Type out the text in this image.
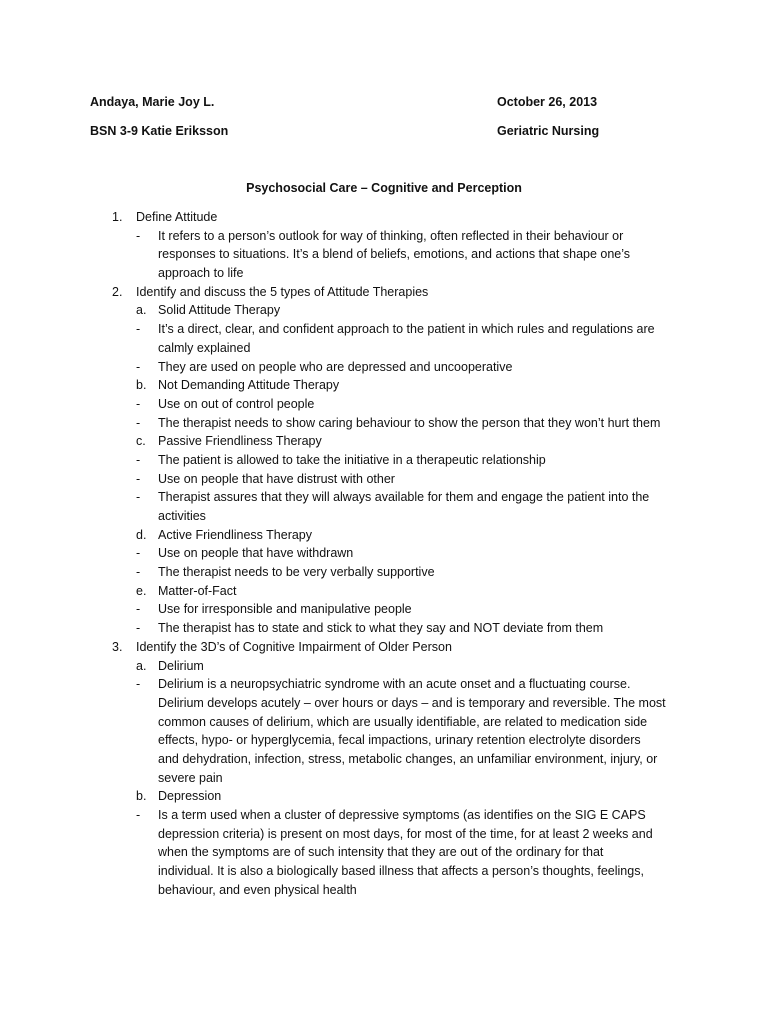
Andaya, Marie Joy L.	October 26, 2013
BSN 3-9 Katie Eriksson	Geriatric Nursing
Psychosocial Care – Cognitive and Perception
1. Define Attitude
- It refers to a person’s outlook for way of thinking, often reflected in their behaviour or
responses to situations. It’s a blend of beliefs, emotions, and actions that shape one’s
approach to life
2. Identify and discuss the 5 types of Attitude Therapies
a. Solid Attitude Therapy
- It’s a direct, clear, and confident approach to the patient in which rules and regulations are
calmly explained
- They are used on people who are depressed and uncooperative
b. Not Demanding Attitude Therapy
- Use on out of control people
- The therapist needs to show caring behaviour to show the person that they won’t hurt them
c. Passive Friendliness Therapy
- The patient is allowed to take the initiative in a therapeutic relationship
- Use on people that have distrust with other
- Therapist assures that they will always available for them and engage the patient into the
activities
d. Active Friendliness Therapy
- Use on people that have withdrawn
- The therapist needs to be very verbally supportive
e. Matter-of-Fact
- Use for irresponsible and manipulative people
- The therapist has to state and stick to what they say and NOT deviate from them
3. Identify the 3D’s of Cognitive Impairment of Older Person
a. Delirium
- Delirium is a neuropsychiatric syndrome with an acute onset and a fluctuating course.
Delirium develops acutely – over hours or days – and is temporary and reversible. The most
common causes of delirium, which are usually identifiable, are related to medication side
effects, hypo- or hyperglycemia, fecal impactions, urinary retention electrolyte disorders
and dehydration, infection, stress, metabolic changes, an unfamiliar environment, injury, or
severe pain
b. Depression
- Is a term used when a cluster of depressive symptoms (as identifies on the SIG E CAPS
depression criteria) is present on most days, for most of the time, for at least 2 weeks and
when the symptoms are of such intensity that they are out of the ordinary for that
individual. It is also a biologically based illness that affects a person’s thoughts, feelings,
behaviour, and even physical health
